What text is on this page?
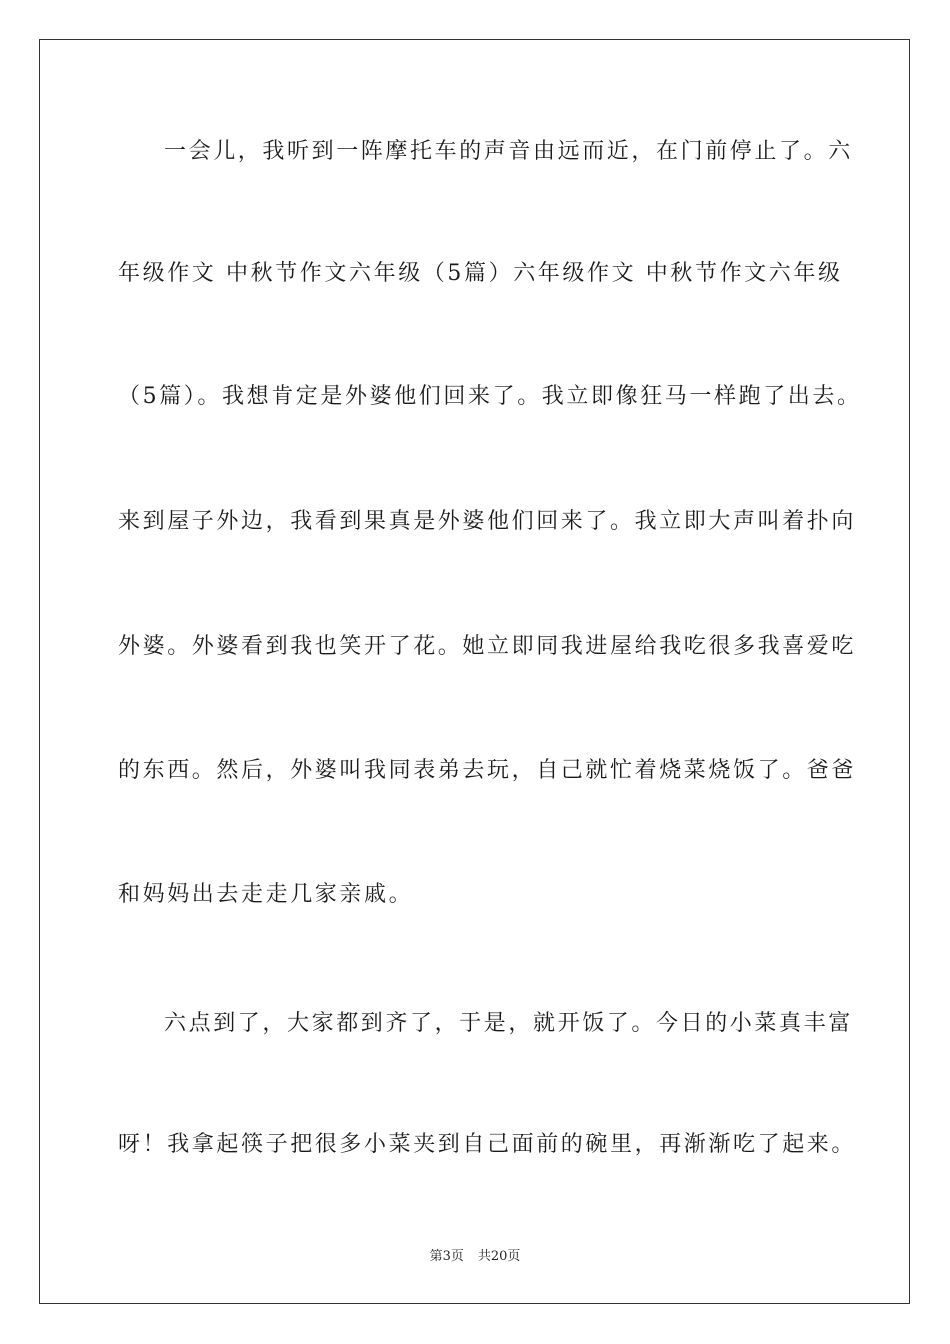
一会儿，我听到一阵摩托车的声音由远而近，在门前停止了。六
年级作文 中秋节作文六年级（5篇）六年级作文 中秋节作文六年级
（5篇）。我想肯定是外婆他们回来了。我立即像狂马一样跑了出去。
来到屋子外边，我看到果真是外婆他们回来了。我立即大声叫着扑向
外婆。外婆看到我也笑开了花。她立即同我进屋给我吃很多我喜爱吃
的东西。然后，外婆叫我同表弟去玩，自己就忙着烧菜烧饭了。爸爸
和妈妈出去走走几家亲戚。
六点到了，大家都到齐了，于是，就开饭了。今日的小菜真丰富
呀！我拿起筷子把很多小菜夹到自己面前的碗里，再渐渐吃了起来。
第3页 共20页
